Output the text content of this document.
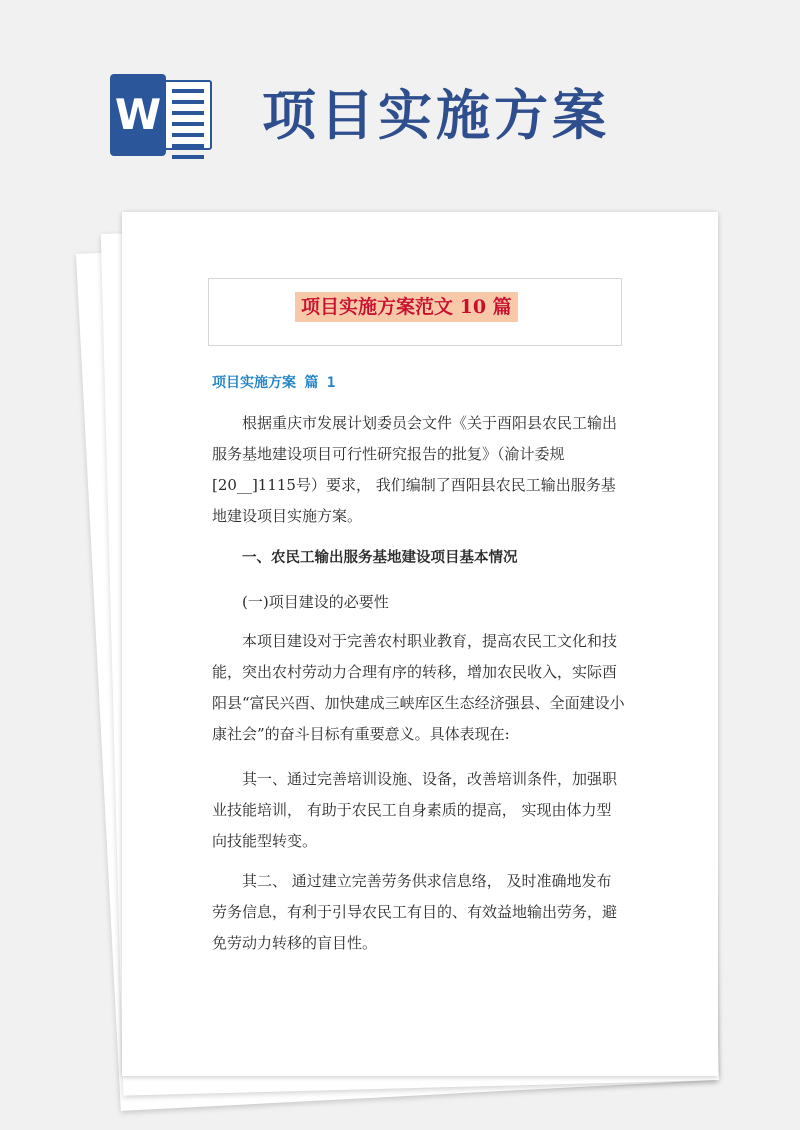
W 项目实施方案
项目实施方案范文 10 篇
项目实施方案 篇 1

根据重庆市发展计划委员会文件《关于酉阳县农民工输出服务基地建设项目可行性研究报告的批复》（渝计委规[20__]1115号）要求， 我们编制了酉阳县农民工输出服务基地建设项目实施方案。

一、农民工输出服务基地建设项目基本情况

(一)项目建设的必要性

本项目建设对于完善农村职业教育，提高农民工文化和技能，突出农村劳动力合理有序的转移，增加农民收入，实际酉阳县“富民兴酉、加快建成三峡库区生态经济强县、全面建设小康社会”的奋斗目标有重要意义。具体表现在:

其一、通过完善培训设施、设备，改善培训条件，加强职业技能培训， 有助于农民工自身素质的提高， 实现由体力型向技能型转变。

其二、 通过建立完善劳务供求信息络， 及时准确地发布劳务信息，有利于引导农民工有目的、有效益地输出劳务，避免劳动力转移的盲目性。
